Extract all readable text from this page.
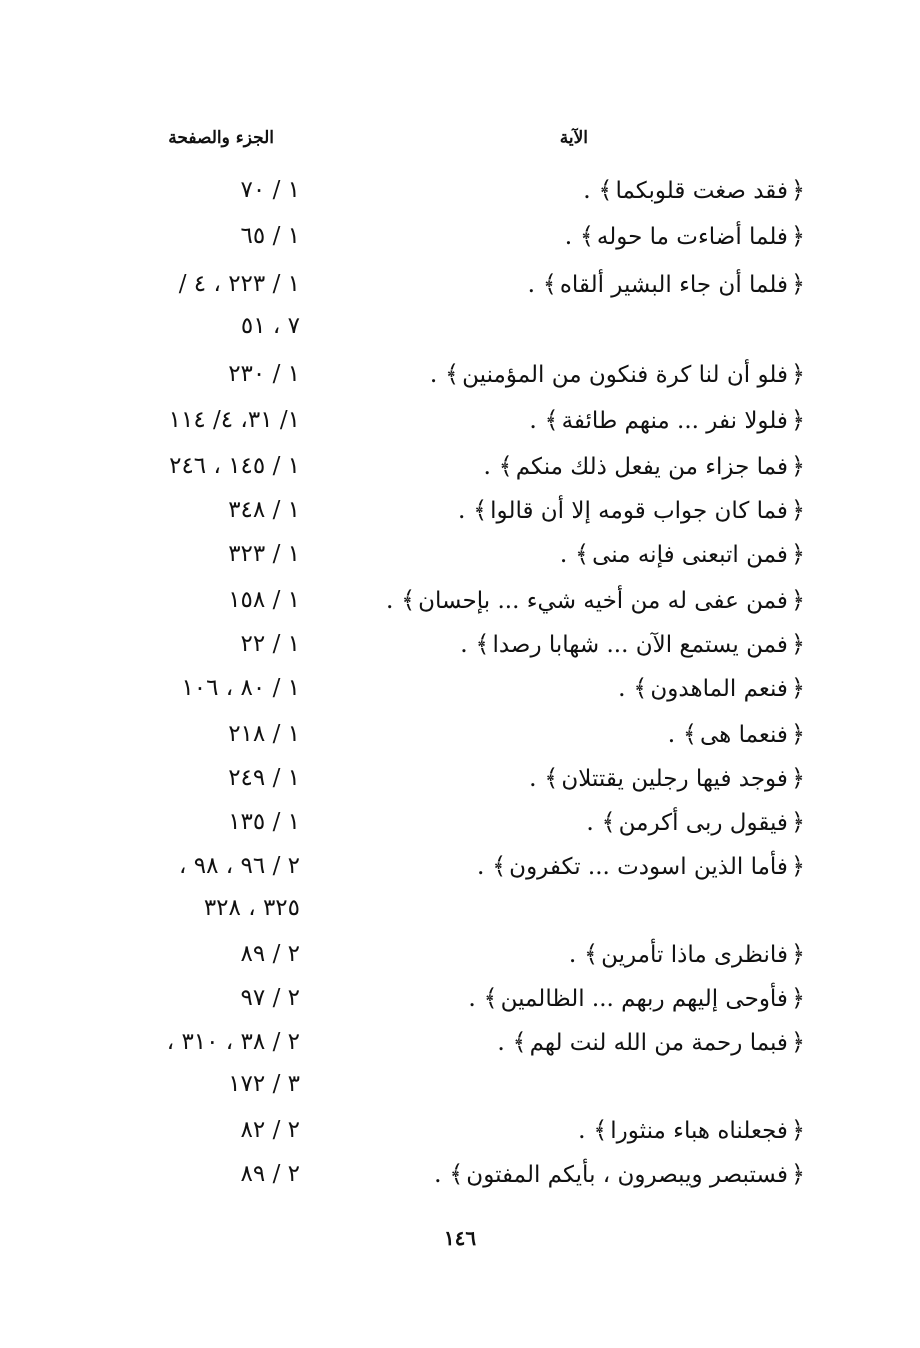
الآية
الجزء والصفحة
﴿فقد صغت قلوبكما﴾ .
١ / ٧٠
﴿فلما أضاءت ما حوله﴾ .
١ / ٦٥
﴿فلما أن جاء البشير ألقاه﴾ .
١ / ٢٢٣ ، ٤ /
٧ ، ٥١
﴿فلو أن لنا كرة فنكون من المؤمنين﴾ .
١ / ٢٣٠
﴿فلولا نفر ... منهم طائفة﴾ .
١/ ٣١، ٤/ ١١٤
﴿فما جزاء من يفعل ذلك منكم﴾ .
١ / ١٤٥ ، ٢٤٦
﴿فما كان جواب قومه إلا أن قالوا﴾ .
١ / ٣٤٨
﴿فمن اتبعنى فإنه منى﴾ .
١ / ٣٢٣
﴿فمن عفى له من أخيه شيء ... بإحسان﴾ .
١ / ١٥٨
﴿فمن يستمع الآن ... شهابا رصدا﴾ .
١ / ٢٢
﴿فنعم الماهدون﴾ .
١ / ٨٠ ، ١٠٦
﴿فنعما هى﴾ .
١ / ٢١٨
﴿فوجد فيها رجلين يقتتلان﴾ .
١ / ٢٤٩
﴿فيقول ربى أكرمن﴾ .
١ / ١٣٥
﴿فأما الذين اسودت ... تكفرون﴾ .
٢ / ٩٦ ، ٩٨ ،
٣٢٥ ، ٣٢٨
﴿فانظرى ماذا تأمرين﴾ .
٢ / ٨٩
﴿فأوحى إليهم ربهم ... الظالمين﴾ .
٢ / ٩٧
﴿فبما رحمة من الله لنت لهم﴾ .
٢ / ٣٨ ، ٣١٠ ،
٣ / ١٧٢
﴿فجعلناه هباء منثورا﴾ .
٢ / ٨٢
﴿فستبصر ويبصرون ، بأيكم المفتون﴾ .
٢ / ٨٩
١٤٦
